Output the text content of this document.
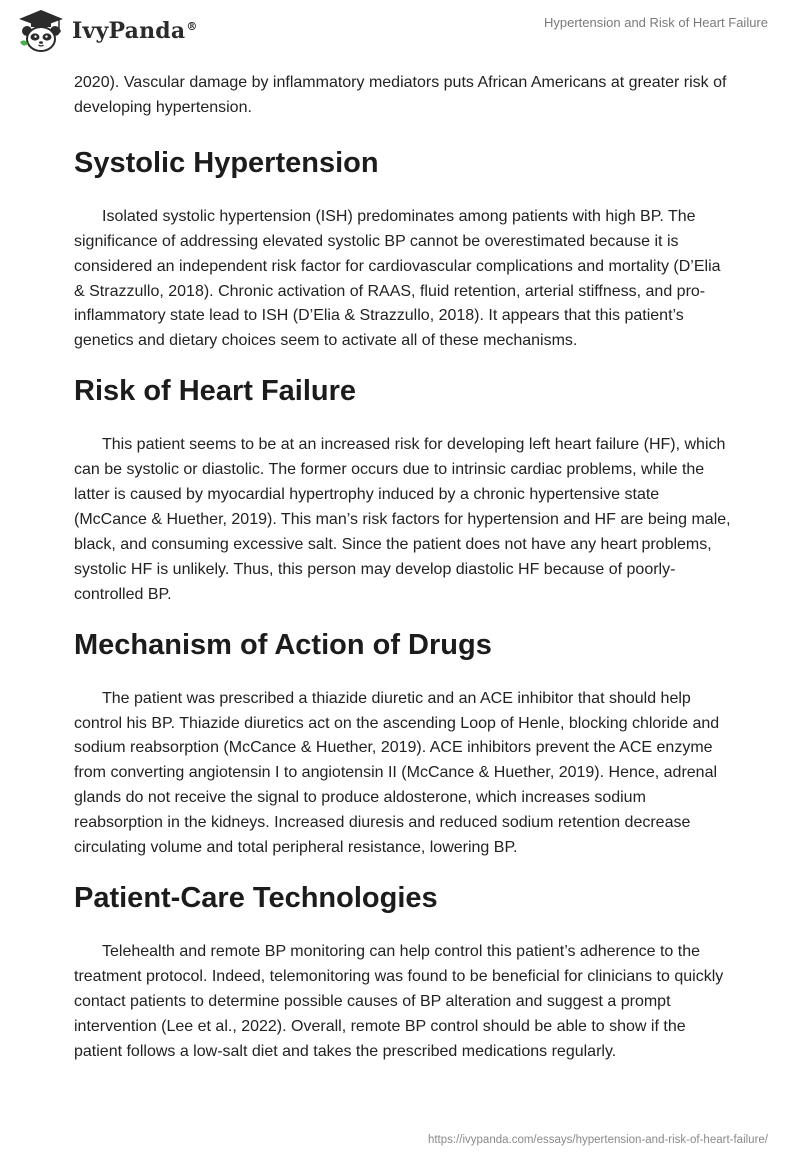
IvyPanda®	Hypertension and Risk of Heart Failure

2020). Vascular damage by inflammatory mediators puts African Americans at greater risk of developing hypertension.

Systolic Hypertension

Isolated systolic hypertension (ISH) predominates among patients with high BP. The significance of addressing elevated systolic BP cannot be overestimated because it is considered an independent risk factor for cardiovascular complications and mortality (D’Elia & Strazzullo, 2018). Chronic activation of RAAS, fluid retention, arterial stiffness, and pro-inflammatory state lead to ISH (D’Elia & Strazzullo, 2018). It appears that this patient’s genetics and dietary choices seem to activate all of these mechanisms.

Risk of Heart Failure

This patient seems to be at an increased risk for developing left heart failure (HF), which can be systolic or diastolic. The former occurs due to intrinsic cardiac problems, while the latter is caused by myocardial hypertrophy induced by a chronic hypertensive state (McCance & Huether, 2019). This man’s risk factors for hypertension and HF are being male, black, and consuming excessive salt. Since the patient does not have any heart problems, systolic HF is unlikely. Thus, this person may develop diastolic HF because of poorly-controlled BP.

Mechanism of Action of Drugs

The patient was prescribed a thiazide diuretic and an ACE inhibitor that should help control his BP. Thiazide diuretics act on the ascending Loop of Henle, blocking chloride and sodium reabsorption (McCance & Huether, 2019). ACE inhibitors prevent the ACE enzyme from converting angiotensin I to angiotensin II (McCance & Huether, 2019). Hence, adrenal glands do not receive the signal to produce aldosterone, which increases sodium reabsorption in the kidneys. Increased diuresis and reduced sodium retention decrease circulating volume and total peripheral resistance, lowering BP.

Patient-Care Technologies

Telehealth and remote BP monitoring can help control this patient’s adherence to the treatment protocol. Indeed, telemonitoring was found to be beneficial for clinicians to quickly contact patients to determine possible causes of BP alteration and suggest a prompt intervention (Lee et al., 2022). Overall, remote BP control should be able to show if the patient follows a low-salt diet and takes the prescribed medications regularly.

https://ivypanda.com/essays/hypertension-and-risk-of-heart-failure/
